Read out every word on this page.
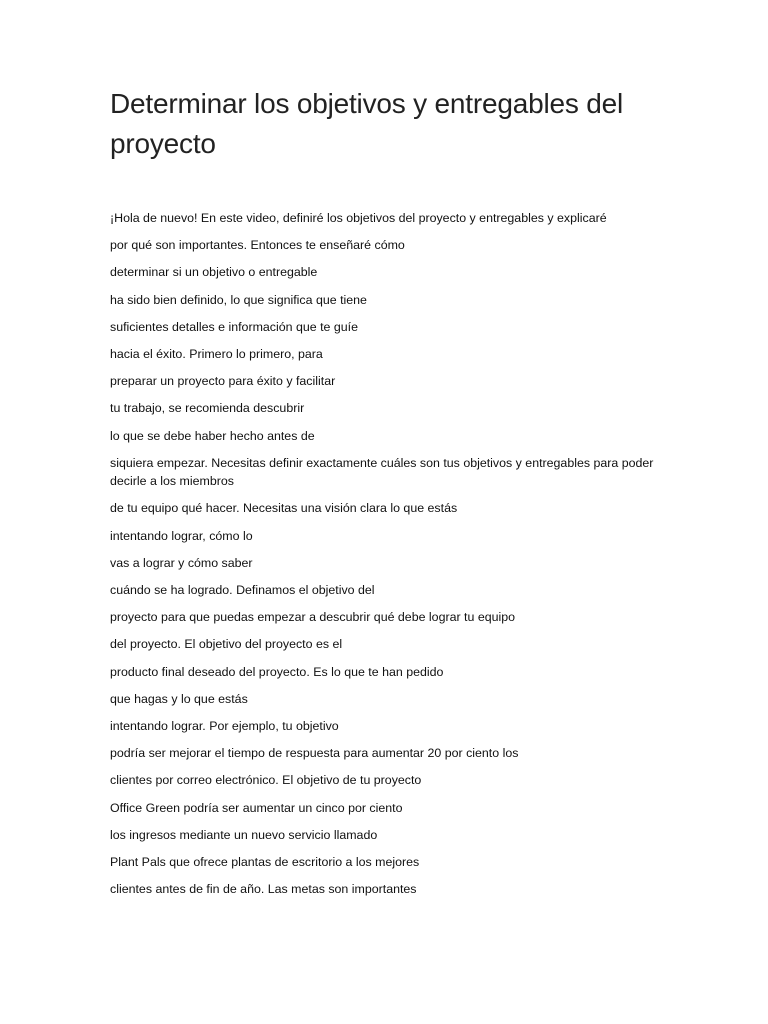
Determinar los objetivos y entregables del proyecto

¡Hola de nuevo! En este video, definiré los objetivos del proyecto y entregables y explicaré

por qué son importantes. Entonces te enseñaré cómo

determinar si un objetivo o entregable

ha sido bien definido, lo que significa que tiene

suficientes detalles e información que te guíe

hacia el éxito. Primero lo primero, para

preparar un proyecto para éxito y facilitar

tu trabajo, se recomienda descubrir

lo que se debe haber hecho antes de

siquiera empezar. Necesitas definir exactamente cuáles son tus objetivos y entregables para poder decirle a los miembros

de tu equipo qué hacer. Necesitas una visión clara lo que estás

intentando lograr, cómo lo

vas a lograr y cómo saber

cuándo se ha logrado. Definamos el objetivo del

proyecto para que puedas empezar a descubrir qué debe lograr tu equipo

del proyecto. El objetivo del proyecto es el

producto final deseado del proyecto. Es lo que te han pedido

que hagas y lo que estás

intentando lograr. Por ejemplo, tu objetivo

podría ser mejorar el tiempo de respuesta para aumentar 20 por ciento los

clientes por correo electrónico. El objetivo de tu proyecto

Office Green podría ser aumentar un cinco por ciento

los ingresos mediante un nuevo servicio llamado

Plant Pals que ofrece plantas de escritorio a los mejores

clientes antes de fin de año. Las metas son importantes
